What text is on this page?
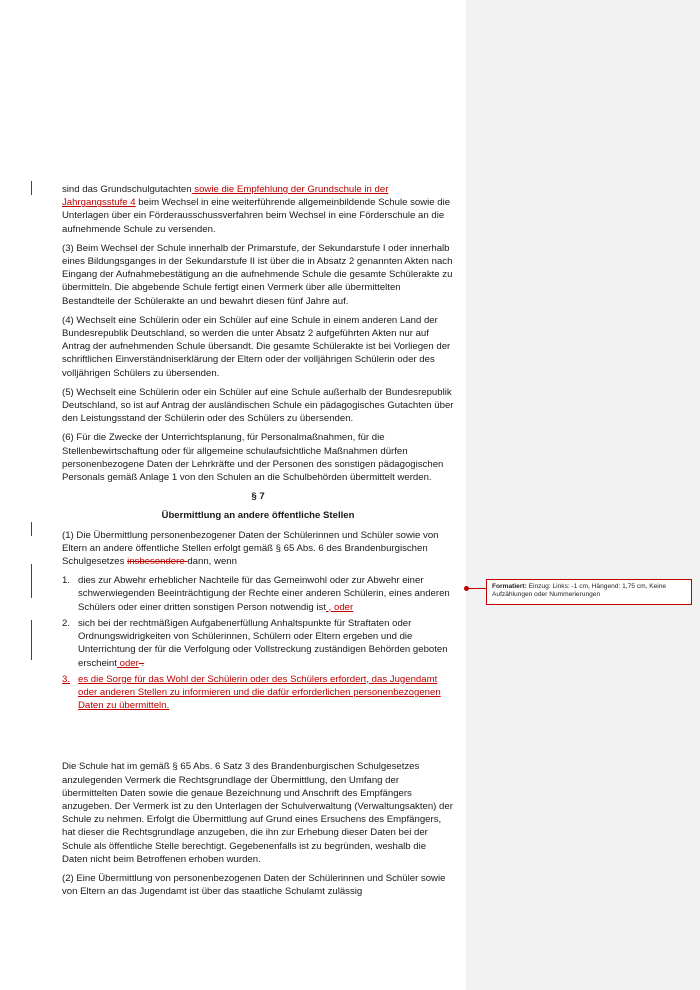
sind das Grundschulgutachten sowie die Empfehlung der Grundschule in der Jahrgangsstufe 4 beim Wechsel in eine weiterführende allgemeinbildende Schule sowie die Unterlagen über ein Förderausschussverfahren beim Wechsel in eine Förderschule an die aufnehmende Schule zu versenden.

(3) Beim Wechsel der Schule innerhalb der Primarstufe, der Sekundarstufe I oder innerhalb eines Bildungsganges in der Sekundarstufe II ist über die in Absatz 2 genannten Akten nach Eingang der Aufnahmebestätigung an die aufnehmende Schule die gesamte Schülerakte zu übermitteln. Die abgebende Schule fertigt einen Vermerk über alle übermittelten Bestandteile der Schülerakte an und bewahrt diesen fünf Jahre auf.

(4) Wechselt eine Schülerin oder ein Schüler auf eine Schule in einem anderen Land der Bundesrepublik Deutschland, so werden die unter Absatz 2 aufgeführten Akten nur auf Antrag der aufnehmenden Schule übersandt. Die gesamte Schülerakte ist bei Vorliegen der schriftlichen Einverständniserklärung der Eltern oder der volljährigen Schülerin oder des volljährigen Schülers zu übersenden.

(5) Wechselt eine Schülerin oder ein Schüler auf eine Schule außerhalb der Bundesrepublik Deutschland, so ist auf Antrag der ausländischen Schule ein pädagogisches Gutachten über den Leistungsstand der Schülerin oder des Schülers zu übersenden.

(6) Für die Zwecke der Unterrichtsplanung, für Personalmaßnahmen, für die Stellenbewirtschaftung oder für allgemeine schulaufsichtliche Maßnahmen dürfen personenbezogene Daten der Lehrkräfte und der Personen des sonstigen pädagogischen Personals gemäß Anlage 1 von den Schulen an die Schulbehörden übermittelt werden.

§ 7

Übermittlung an andere öffentliche Stellen

(1) Die Übermittlung personenbezogener Daten der Schülerinnen und Schüler sowie von Eltern an andere öffentliche Stellen erfolgt gemäß § 65 Abs. 6 des Brandenburgischen Schulgesetzes insbesondere dann, wenn

1. dies zur Abwehr erheblicher Nachteile für das Gemeinwohl oder zur Abwehr einer schwerwiegenden Beeinträchtigung der Rechte einer anderen Schülerin, eines anderen Schülers oder einer dritten sonstigen Person notwendig ist , oder
2. sich bei der rechtmäßigen Aufgabenerfüllung Anhaltspunkte für Straftaten oder Ordnungswidrigkeiten von Schülerinnen, Schülern oder Eltern ergeben und die Unterrichtung der für die Verfolgung oder Vollstreckung zuständigen Behörden geboten erscheint oder .
3. es die Sorge für das Wohl der Schülerin oder des Schülers erfordert, das Jugendamt oder anderen Stellen zu informieren und die dafür erforderlichen personenbezogenen Daten zu übermitteln.

Die Schule hat im gemäß § 65 Abs. 6 Satz 3 des Brandenburgischen Schulgesetzes anzulegenden Vermerk die Rechtsgrundlage der Übermittlung, den Umfang der übermittelten Daten sowie die genaue Bezeichnung und Anschrift des Empfängers anzugeben. Der Vermerk ist zu den Unterlagen der Schulverwaltung (Verwaltungsakten) der Schule zu nehmen. Erfolgt die Übermittlung auf Grund eines Ersuchens des Empfängers, hat dieser die Rechtsgrundlage anzugeben, die ihn zur Erhebung dieser Daten bei der Schule als öffentliche Stelle berechtigt. Gegebenenfalls ist zu begründen, weshalb die Daten nicht beim Betroffenen erhoben wurden.

(2) Eine Übermittlung von personenbezogenen Daten der Schülerinnen und Schüler sowie von Eltern an das Jugendamt ist über das staatliche Schulamt zulässig

Formatiert: Einzug: Links: -1 cm, Hängend: 1,75 cm, Keine Aufzählungen oder Nummerierungen
